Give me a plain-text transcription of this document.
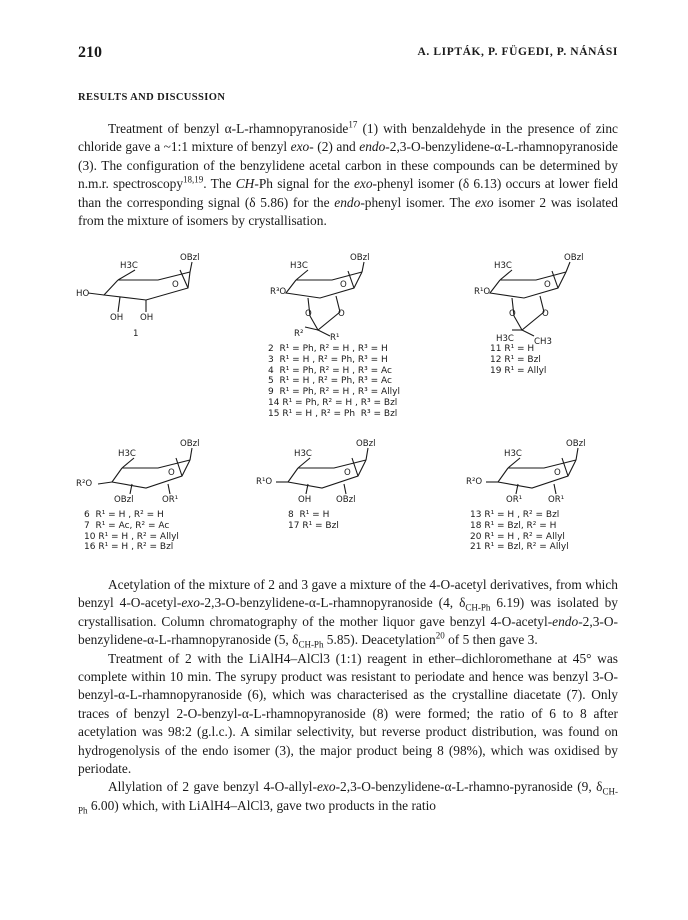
210	A. LIPTÁK, P. FÜGEDI, P. NÁNÁSI
RESULTS AND DISCUSSION

Treatment of benzyl α-L-rhamnopyranoside$^{17}$ (1) with benzaldehyde in the presence of zinc chloride gave a ~1:1 mixture of benzyl exo- (2) and endo-2,3-O-benzylidene-α-L-rhamnopyranoside (3). The configuration of the benzylidene acetal carbon in these compounds can be determined by n.m.r. spectroscopy$^{18,19}$. The CH-Ph signal for the exo-phenyl isomer (δ 6.13) occurs at lower field than the corresponding signal (δ 5.86) for the endo-phenyl isomer. The exo isomer 2 was isolated from the mixture of isomers by crystallisation.

OBzl
H3C
O
HO
OH OH
1
OBzl
H3C
O
R³O
O	O
R²	R¹
OBzl
H3C
O
R¹O
O	O
H3C CH3
OBzl
H3C
O
R²O
OBzl	OR¹
OBzl
H3C
O
R¹O
OH	OBzl
OBzl
H3C
O
R²O
OR¹	OR¹
2  R¹ = Ph, R² = H , R³ = H
3  R¹ = H , R² = Ph, R³ = H
4  R¹ = Ph, R² = H , R³ = Ac
5  R¹ = H , R² = Ph, R³ = Ac
9  R¹ = Ph, R² = H , R³ = Allyl
14 R¹ = Ph, R² = H , R³ = Bzl
15 R¹ = H , R² = Ph  R³ = Bzl
11 R¹ = H
12 R¹ = Bzl
19 R¹ = Allyl
6  R¹ = H , R² = H
7  R¹ = Ac, R² = Ac
10 R¹ = H , R² = Allyl
16 R¹ = H , R² = Bzl
8  R¹ = H
17 R¹ = Bzl
13 R¹ = H , R² = Bzl
18 R¹ = Bzl, R² = H
20 R¹ = H , R² = Allyl
21 R¹ = Bzl, R² = Allyl

Acetylation of the mixture of 2 and 3 gave a mixture of the 4-O-acetyl derivatives, from which benzyl 4-O-acetyl-exo-2,3-O-benzylidene-α-L-rhamnopyranoside (4, $\delta_{CH-Ph}$ 6.19) was isolated by crystallisation. Column chromatography of the mother liquor gave benzyl 4-O-acetyl-endo-2,3-O-benzylidene-α-L-rhamnopyranoside (5, $\delta_{CH-Ph}$ 5.85). Deacetylation$^{20}$ of 5 then gave 3.

Treatment of 2 with the LiAlH4–AlCl3 (1:1) reagent in ether–dichloromethane at 45° was complete within 10 min. The syrupy product was resistant to periodate and hence was benzyl 3-O-benzyl-α-L-rhamnopyranoside (6), which was characterised as the crystalline diacetate (7). Only traces of benzyl 2-O-benzyl-α-L-rhamnopyranoside (8) were formed; the ratio of 6 to 8 after acetylation was 98:2 (g.l.c.). A similar selectivity, but reverse product distribution, was found on hydrogenolysis of the endo isomer (3), the major product being 8 (98%), which was oxidised by periodate.

Allylation of 2 gave benzyl 4-O-allyl-exo-2,3-O-benzylidene-α-L-rhamno-pyranoside (9, $\delta_{CH-Ph}$ 6.00) which, with LiAlH4–AlCl3, gave two products in the ratio
